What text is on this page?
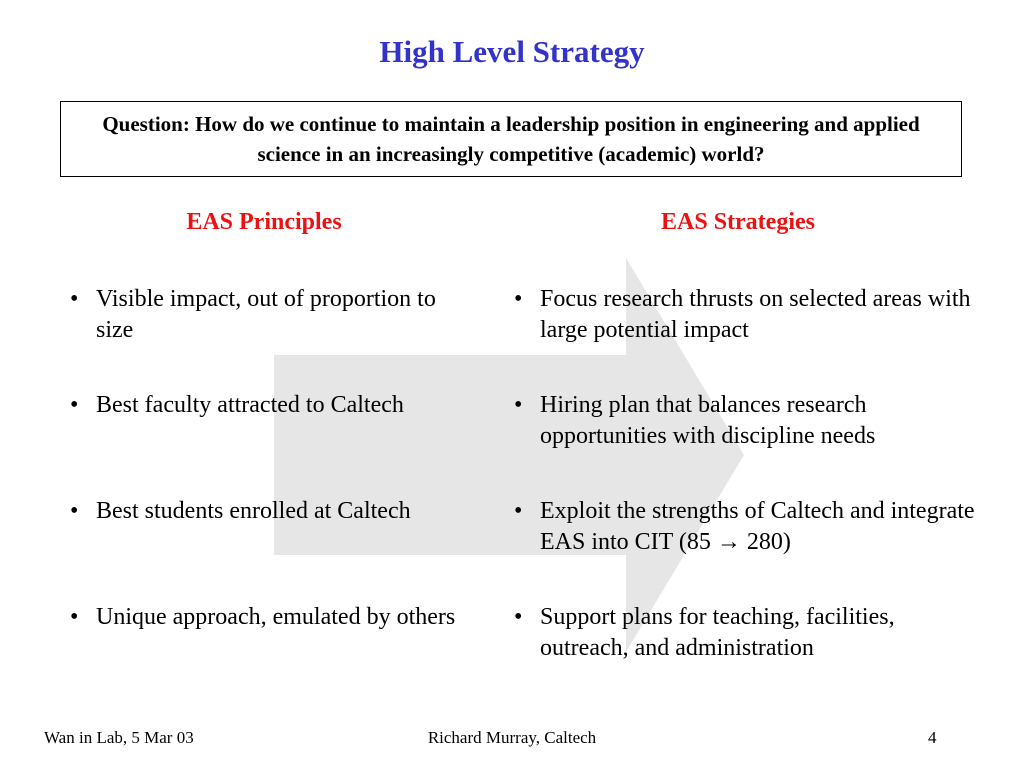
High Level Strategy
Question: How do we continue to maintain a leadership position in engineering and applied science in an increasingly competitive (academic) world?
EAS Principles	EAS Strategies
• Visible impact, out of proportion to size
• Best faculty attracted to Caltech
• Best students enrolled at Caltech
• Unique approach, emulated by others
• Focus research thrusts on selected areas with large potential impact
• Hiring plan that balances research opportunities with discipline needs
• Exploit the strengths of Caltech and integrate EAS into CIT (85 → 280)
• Support plans for teaching, facilities, outreach, and administration
Wan in Lab, 5 Mar 03	Richard Murray, Caltech	4
